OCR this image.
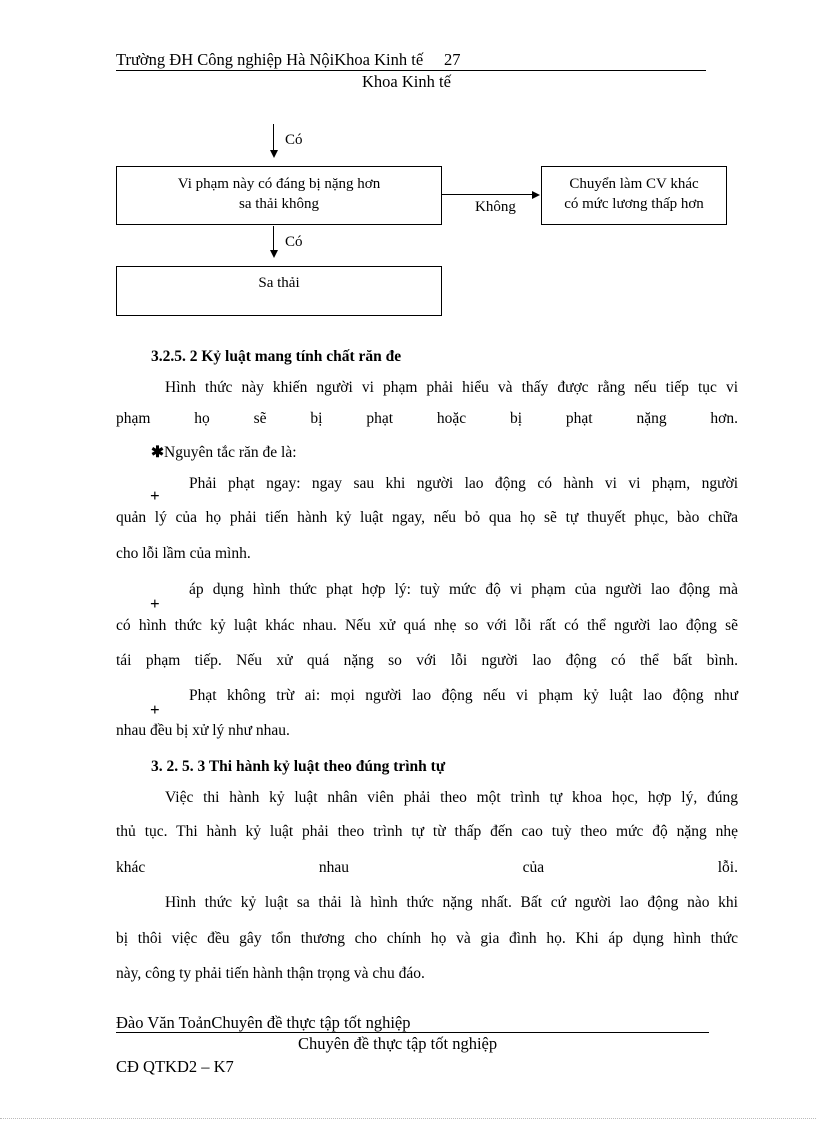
Trường ĐH Công nghiệp Hà NộiKhoa Kinh tế 27
Khoa Kinh tế
Có
Vi phạm này có đáng bị nặng hơn
sa thải không	Không
Chuyển làm CV khác
có mức lương thấp hơn
Có
Sa thải
3.2.5. 2 Kỷ luật mang tính chất răn đe
Hình thức này khiến người vi phạm phải hiểu và thấy được rằng nếu tiếp tục vi
phạm họ sẽ bị phạt hoặc bị phạt nặng hơn.
✱Nguyên tắc răn đe là:
+
Phải phạt ngay: ngay sau khi người lao động có hành vi vi phạm, người
quản lý của họ phải tiến hành kỷ luật ngay, nếu bỏ qua họ sẽ tự thuyết phục, bào chữa
cho lỗi lầm của mình.
+
áp dụng hình thức phạt hợp lý: tuỳ mức độ vi phạm của người lao động mà
có hình thức kỷ luật khác nhau. Nếu xử quá nhẹ so với lỗi rất có thể người lao động sẽ
tái phạm tiếp. Nếu xử quá nặng so với lỗi người lao động có thể bất bình.
+
Phạt không trừ ai: mọi người lao động nếu vi phạm kỷ luật lao động như
nhau đều bị xử lý như nhau.
3. 2. 5. 3 Thi hành kỷ luật theo đúng trình tự
Việc thi hành kỷ luật nhân viên phải theo một trình tự khoa học, hợp lý, đúng
thủ tục. Thi hành kỷ luật phải theo trình tự từ thấp đến cao tuỳ theo mức độ nặng nhẹ
khác	nhau	của	lỗi.
Hình thức kỷ luật sa thải là hình thức nặng nhất. Bất cứ người lao động nào khi
bị thôi việc đều gây tổn thương cho chính họ và gia đình họ. Khi áp dụng hình thức
này, công ty phải tiến hành thận trọng và chu đáo.
Đào Văn ToảnChuyên đề thực tập tốt nghiệp
Chuyên đề thực tập tốt nghiệp
CĐ QTKD2 – K7
